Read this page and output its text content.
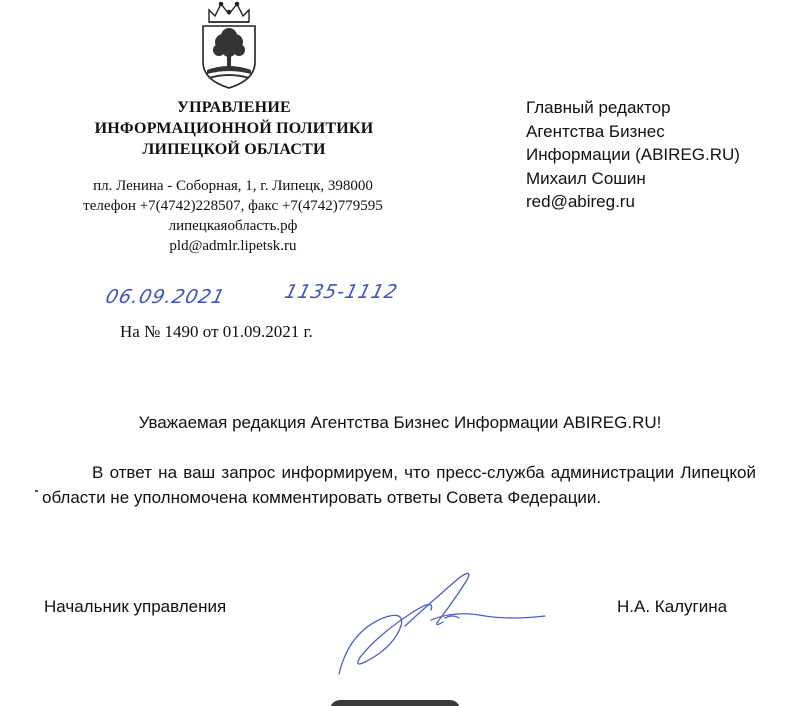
УПРАВЛЕНИЕ
ИНФОРМАЦИОННОЙ ПОЛИТИКИ
ЛИПЕЦКОЙ ОБЛАСТИ
пл. Ленина - Соборная, 1, г. Липецк, 398000
телефон +7(4742)228507, факс +7(4742)779595
липецкаяобласть.рф
pld@admlr.lipetsk.ru
Главный редактор
Агентства Бизнес
Информации (ABIREG.RU)
Михаил Сошин
red@abireg.ru
06.09.2021	1135-1112
На № 1490 от 01.09.2021 г.
Уважаемая редакция Агентства Бизнес Информации ABIREG.RU!
В ответ на ваш запрос информируем, что пресс-служба администрации Липецкой области не уполномочена комментировать ответы Совета Федерации.
Начальник управления	Н.А. Калугина
